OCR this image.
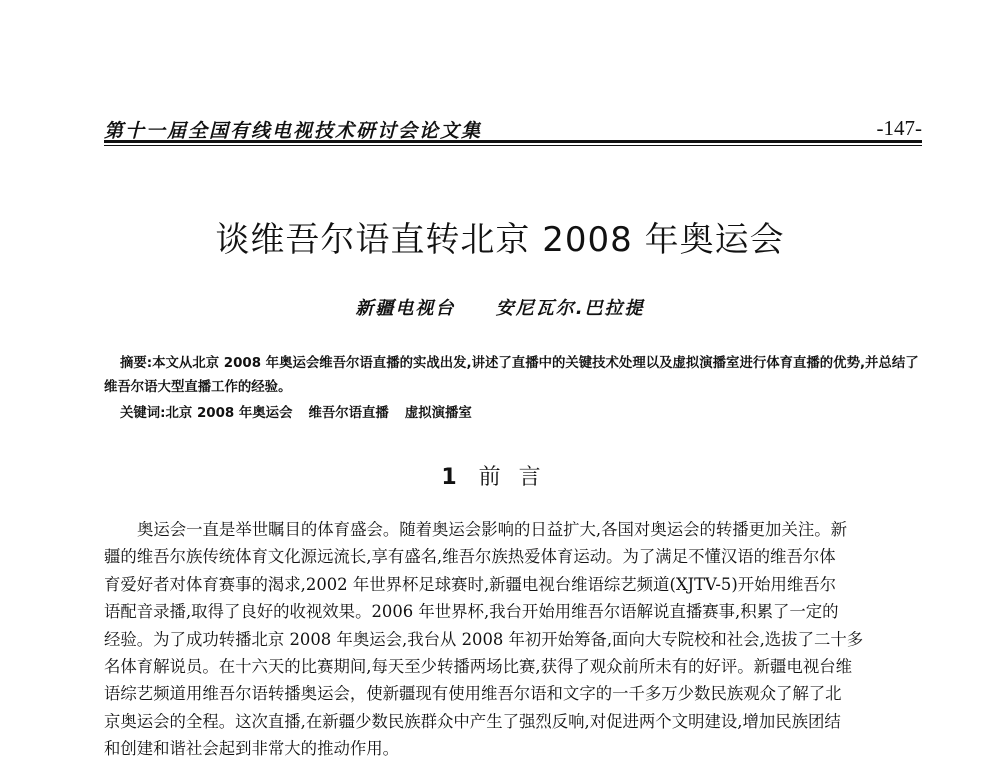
第十一届全国有线电视技术研讨会论文集	-147-
谈维吾尔语直转北京 2008 年奥运会
新疆电视台 安尼瓦尔.巴拉提
摘要:本文从北京 2008 年奥运会维吾尔语直播的实战出发,讲述了直播中的关键技术处理以及虚拟演播室进行体育直播的优势,并总结了维吾尔语大型直播工作的经验。
关键词:北京 2008 年奥运会 维吾尔语直播 虚拟演播室
1 前言
奥运会一直是举世瞩目的体育盛会。随着奥运会影响的日益扩大,各国对奥运会的转播更加关注。新
疆的维吾尔族传统体育文化源远流长,享有盛名,维吾尔族热爱体育运动。为了满足不懂汉语的维吾尔体
育爱好者对体育赛事的渴求,2002 年世界杯足球赛时,新疆电视台维语综艺频道(XJTV-5)开始用维吾尔
语配音录播,取得了良好的收视效果。2006 年世界杯,我台开始用维吾尔语解说直播赛事,积累了一定的
经验。为了成功转播北京 2008 年奥运会,我台从 2008 年初开始筹备,面向大专院校和社会,选拔了二十多
名体育解说员。在十六天的比赛期间,每天至少转播两场比赛,获得了观众前所未有的好评。新疆电视台维
语综艺频道用维吾尔语转播奥运会，使新疆现有使用维吾尔语和文字的一千多万少数民族观众了解了北
京奥运会的全程。这次直播,在新疆少数民族群众中产生了强烈反响,对促进两个文明建设,增加民族团结
和创建和谐社会起到非常大的推动作用。
